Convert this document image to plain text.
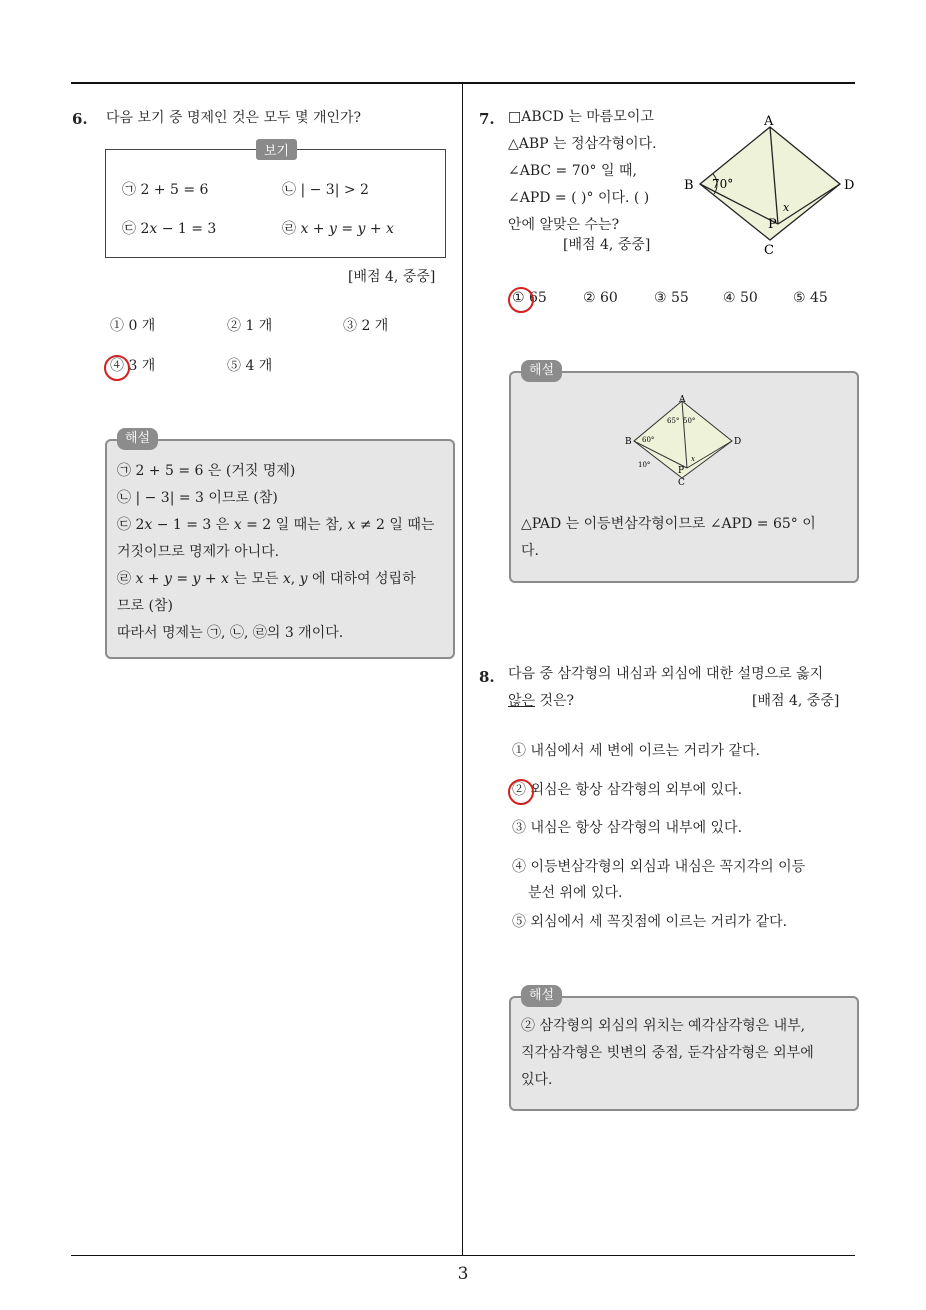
3
6. 다음 보기 중 명제인 것은 모두 몇 개인가?
보기
㉠ 2 + 5 = 6	㉡ | − 3| > 2
㉢ 2𝑥 − 1 = 3	㉣ 𝑥 + 𝑦 = 𝑦 + 𝑥
[배점 4, 중중]
① 0 개	② 1 개	③ 2 개
④ 3 개	⑤ 4 개
해설
㉠ 2 + 5 = 6 은 (거짓 명제)
㉡ | − 3| = 3 이므로 (참)
㉢ 2𝑥 − 1 = 3 은 𝑥 = 2 일 때는 참, 𝑥 ≠ 2 일 때는
거짓이므로 명제가 아니다.
㉣ 𝑥 + 𝑦 = 𝑦 + 𝑥 는 모든 𝑥, 𝑦 에 대하여 성립하
므로 (참)
따라서 명제는 ㉠, ㉡, ㉣의 3 개이다.
7. □ABCD 는 마름모이고
△ABP 는 정삼각형이다.
∠ABC = 70° 일 때,
∠APD = ( )° 이다. ( )
안에 알맞은 수는?
[배점 4, 중중]
A
B
C
D
P
70°
𝑥
① 65	② 60	③ 55 ④ 50	⑤ 45
해설
A
B
C
D
P
65° 50°
60°
10°
𝑥
△PAD 는 이등변삼각형이므로 ∠APD = 65° 이
다.
8. 다음 중 삼각형의 내심과 외심에 대한 설명으로 옳지
않은 것은?	[배점 4, 중중]
① 내심에서 세 변에 이르는 거리가 같다.
② 외심은 항상 삼각형의 외부에 있다.
③ 내심은 항상 삼각형의 내부에 있다.
④ 이등변삼각형의 외심과 내심은 꼭지각의 이등
분선 위에 있다.
⑤ 외심에서 세 꼭짓점에 이르는 거리가 같다.
해설
② 삼각형의 외심의 위치는 예각삼각형은 내부,
직각삼각형은 빗변의 중점, 둔각삼각형은 외부에
있다.
